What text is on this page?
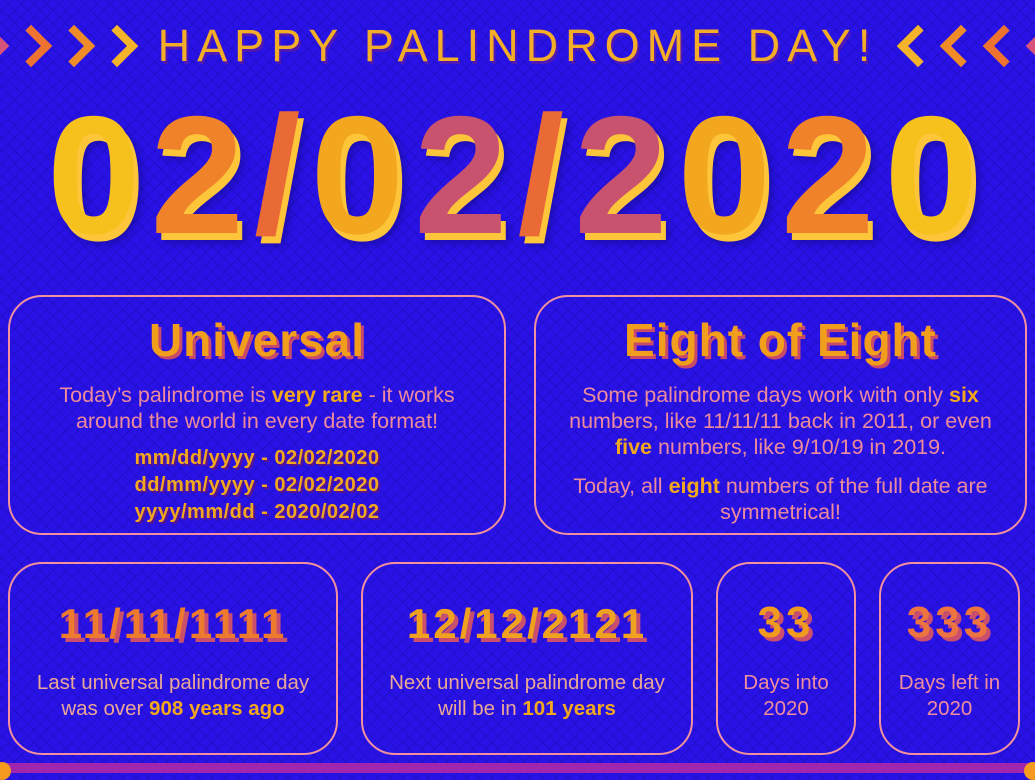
HAPPY PALINDROME DAY!
02/02/2020
Universal
Today’s palindrome is very rare - it works around the world in every date format!
mm/dd/yyyy - 02/02/2020
dd/mm/yyyy - 02/02/2020
yyyy/mm/dd - 2020/02/02
Eight of Eight
Some palindrome days work with only six numbers, like 11/11/11 back in 2011, or even five numbers, like 9/10/19 in 2019.
Today, all eight numbers of the full date are symmetrical!
11/11/1111
Last universal palindrome day was over 908 years ago
12/12/2121
Next universal palindrome day will be in 101 years
33
Days into 2020
333
Days left in 2020
